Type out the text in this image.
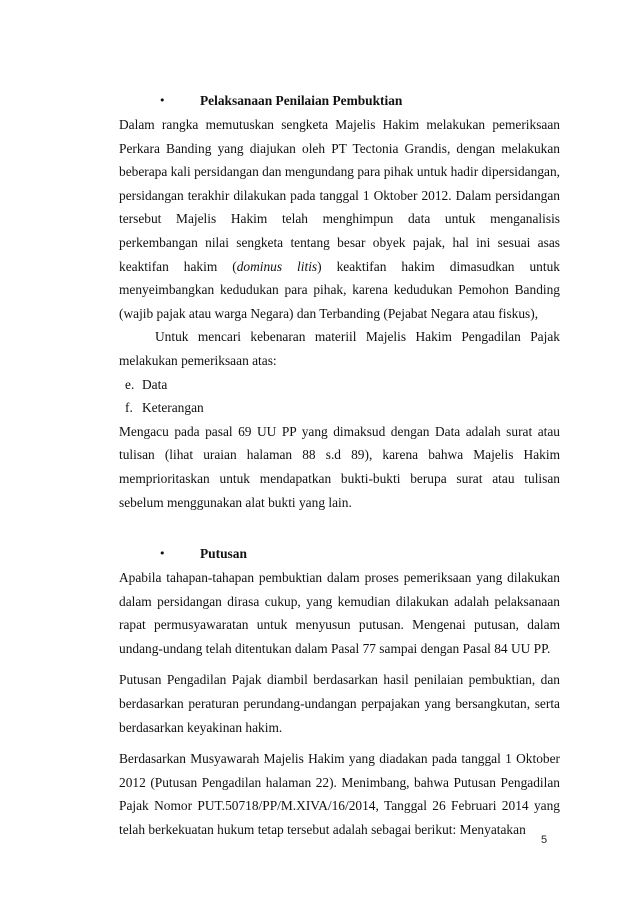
•	Pelaksanaan Penilaian Pembuktian

Dalam rangka memutuskan sengketa Majelis Hakim melakukan pemeriksaan Perkara Banding yang diajukan oleh PT Tectonia Grandis, dengan melakukan beberapa kali persidangan dan mengundang para pihak untuk hadir dipersidangan, persidangan terakhir dilakukan pada tanggal 1 Oktober 2012. Dalam persidangan tersebut Majelis Hakim telah menghimpun data untuk menganalisis perkembangan nilai sengketa tentang besar obyek pajak, hal ini sesuai asas keaktifan hakim (dominus litis) keaktifan hakim dimasudkan untuk menyeimbangkan kedudukan para pihak, karena kedudukan Pemohon Banding (wajib pajak atau warga Negara) dan Terbanding (Pejabat Negara atau fiskus),

Untuk mencari kebenaran materiil Majelis Hakim Pengadilan Pajak melakukan pemeriksaan atas:

e. Data
f. Keterangan

Mengacu pada pasal 69 UU PP yang dimaksud dengan Data adalah surat atau tulisan (lihat uraian halaman 88 s.d 89), karena bahwa Majelis Hakim memprioritaskan untuk mendapatkan bukti-bukti berupa surat atau tulisan sebelum menggunakan alat bukti yang lain.

•	Putusan

Apabila tahapan-tahapan pembuktian dalam proses pemeriksaan yang dilakukan dalam persidangan dirasa cukup, yang kemudian dilakukan adalah pelaksanaan rapat permusyawaratan untuk menyusun putusan. Mengenai putusan, dalam undang-undang telah ditentukan dalam Pasal 77 sampai dengan Pasal 84 UU PP.

Putusan Pengadilan Pajak diambil berdasarkan hasil penilaian pembuktian, dan berdasarkan peraturan perundang-undangan perpajakan yang bersangkutan, serta berdasarkan keyakinan hakim.

Berdasarkan Musyawarah Majelis Hakim yang diadakan pada tanggal 1 Oktober 2012 (Putusan Pengadilan halaman 22). Menimbang, bahwa Putusan Pengadilan Pajak Nomor PUT.50718/PP/M.XIVA/16/2014, Tanggal 26 Februari 2014 yang telah berkekuatan hukum tetap tersebut adalah sebagai berikut: Menyatakan

5
